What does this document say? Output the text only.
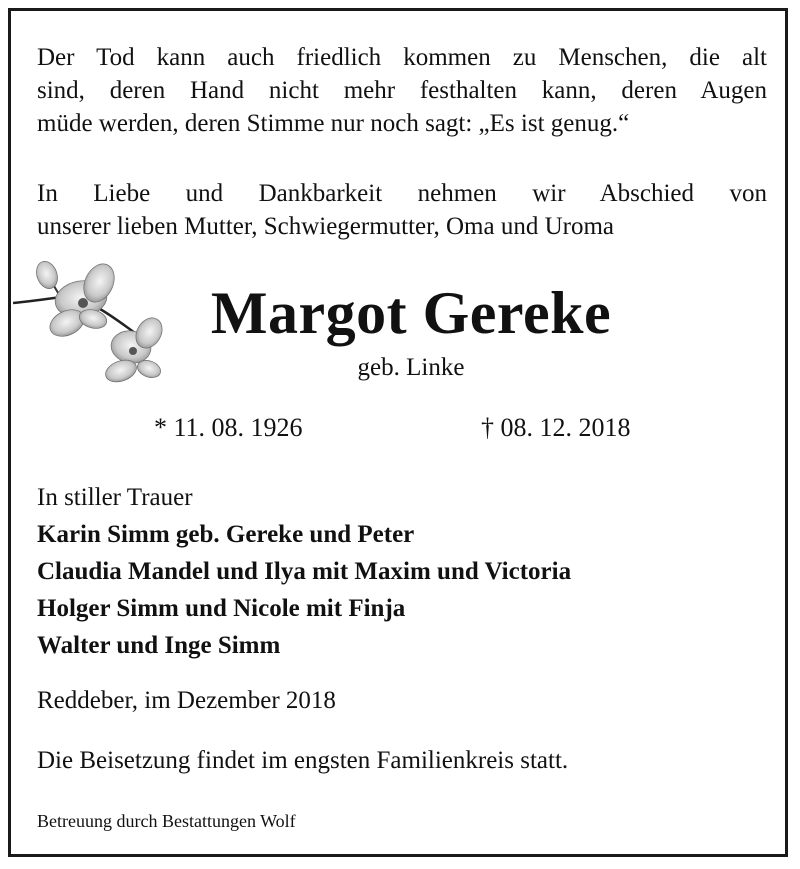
Der Tod kann auch friedlich kommen zu Menschen, die alt
sind, deren Hand nicht mehr festhalten kann, deren Augen
müde werden, deren Stimme nur noch sagt: „Es ist genug.“
In Liebe und Dankbarkeit nehmen wir Abschied von
unserer lieben Mutter, Schwiegermutter, Oma und Uroma
Margot Gereke
geb. Linke
* 11. 08. 1926	† 08. 12. 2018
In stiller Trauer
Karin Simm geb. Gereke und Peter
Claudia Mandel und Ilya mit Maxim und Victoria
Holger Simm und Nicole mit Finja
Walter und Inge Simm
Reddeber, im Dezember 2018
Die Beisetzung findet im engsten Familienkreis statt.
Betreuung durch Bestattungen Wolf
